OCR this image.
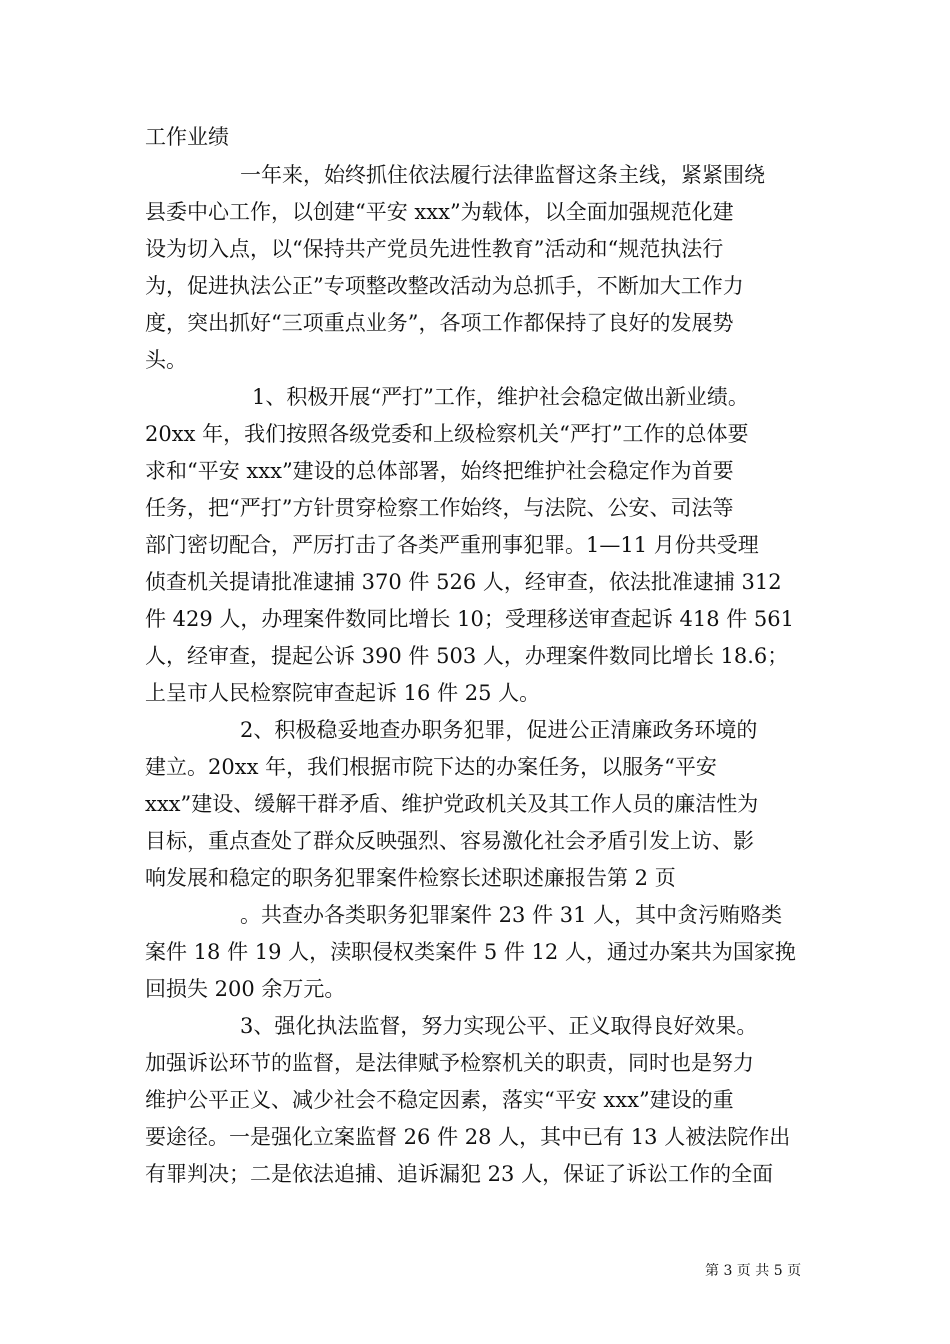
工作业绩
一年来，始终抓住依法履行法律监督这条主线，紧紧围绕
县委中心工作，以创建“平安 xxx”为载体，以全面加强规范化建
设为切入点，以“保持共产党员先进性教育”活动和“规范执法行
为，促进执法公正”专项整改整改活动为总抓手，不断加大工作力
度，突出抓好“三项重点业务”，各项工作都保持了良好的发展势
头。
1、积极开展“严打”工作，维护社会稳定做出新业绩。
20xx 年，我们按照各级党委和上级检察机关“严打”工作的总体要
求和“平安 xxx”建设的总体部署，始终把维护社会稳定作为首要
任务，把“严打”方针贯穿检察工作始终，与法院、公安、司法等
部门密切配合，严厉打击了各类严重刑事犯罪。1—11 月份共受理
侦查机关提请批准逮捕 370 件 526 人，经审查，依法批准逮捕 312
件 429 人，办理案件数同比增长 10；受理移送审查起诉 418 件 561
人，经审查，提起公诉 390 件 503 人，办理案件数同比增长 18.6；
上呈市人民检察院审查起诉 16 件 25 人。
2、积极稳妥地查办职务犯罪，促进公正清廉政务环境的
建立。20xx 年，我们根据市院下达的办案任务，以服务“平安
xxx”建设、缓解干群矛盾、维护党政机关及其工作人员的廉洁性为
目标，重点查处了群众反映强烈、容易激化社会矛盾引发上访、影
响发展和稳定的职务犯罪案件检察长述职述廉报告第 2 页
。共查办各类职务犯罪案件 23 件 31 人，其中贪污贿赂类
案件 18 件 19 人，渎职侵权类案件 5 件 12 人，通过办案共为国家挽
回损失 200 余万元。
3、强化执法监督，努力实现公平、正义取得良好效果。
加强诉讼环节的监督，是法律赋予检察机关的职责，同时也是努力
维护公平正义、减少社会不稳定因素，落实“平安 xxx”建设的重
要途径。一是强化立案监督 26 件 28 人，其中已有 13 人被法院作出
有罪判决；二是依法追捕、追诉漏犯 23 人，保证了诉讼工作的全面
第 3 页 共 5 页
